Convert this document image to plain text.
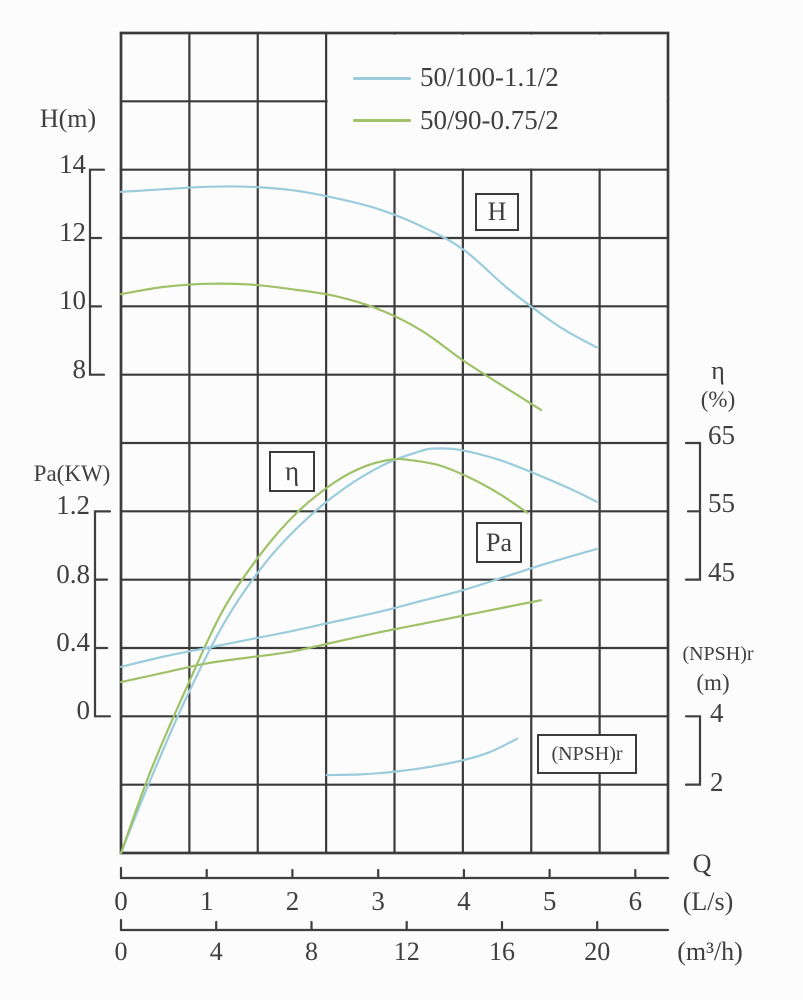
H(m)
Pa(KW)
η
(%)
(NPSH)r
(m)
Q
(L/s)
(m³/h)
50/100-1.1/2
50/90-0.75/2
H
η
Pa
(NPSH)r
14
12
10
8
1.2
0.8
0.4
0
65
55
45
4
2
0	1	2	3	4	5	6
0	4	8	12	16	20
